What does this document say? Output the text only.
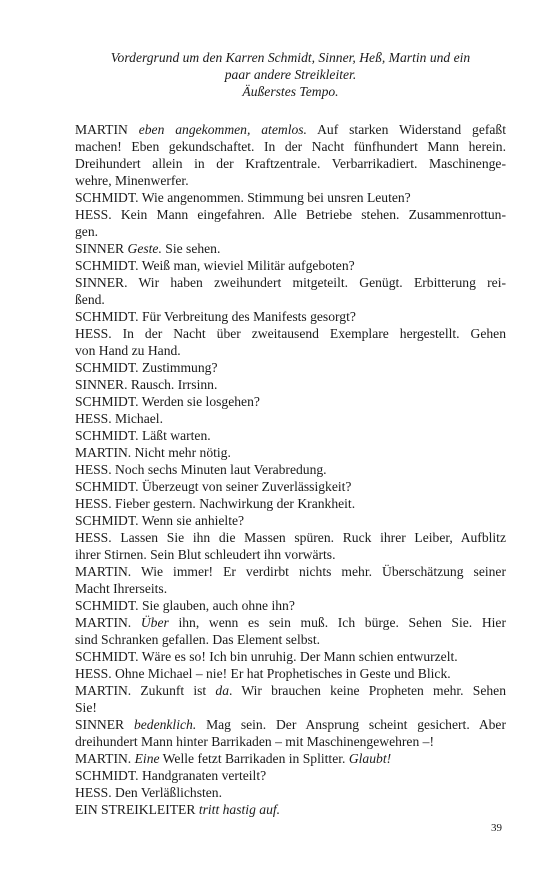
Vordergrund um den Karren Schmidt, Sinner, Heß, Martin und ein
paar andere Streikleiter.
Äußerstes Tempo.
MARTIN eben angekommen, atemlos. Auf starken Widerstand gefaßt
machen! Eben gekundschaftet. In der Nacht fünfhundert Mann herein.
Dreihundert allein in der Kraftzentrale. Verbarrikadiert. Maschinenge-
wehre, Minenwerfer.
SCHMIDT. Wie angenommen. Stimmung bei unsren Leuten?
HESS. Kein Mann eingefahren. Alle Betriebe stehen. Zusammenrottun-
gen.
SINNER Geste. Sie sehen.
SCHMIDT. Weiß man, wieviel Militär aufgeboten?
SINNER. Wir haben zweihundert mitgeteilt. Genügt. Erbitterung rei-
ßend.
SCHMIDT. Für Verbreitung des Manifests gesorgt?
HESS. In der Nacht über zweitausend Exemplare hergestellt. Gehen
von Hand zu Hand.
SCHMIDT. Zustimmung?
SINNER. Rausch. Irrsinn.
SCHMIDT. Werden sie losgehen?
HESS. Michael.
SCHMIDT. Läßt warten.
MARTIN. Nicht mehr nötig.
HESS. Noch sechs Minuten laut Verabredung.
SCHMIDT. Überzeugt von seiner Zuverlässigkeit?
HESS. Fieber gestern. Nachwirkung der Krankheit.
SCHMIDT. Wenn sie anhielte?
HESS. Lassen Sie ihn die Massen spüren. Ruck ihrer Leiber, Aufblitz
ihrer Stirnen. Sein Blut schleudert ihn vorwärts.
MARTIN. Wie immer! Er verdirbt nichts mehr. Überschätzung seiner
Macht Ihrerseits.
SCHMIDT. Sie glauben, auch ohne ihn?
MARTIN. Über ihn, wenn es sein muß. Ich bürge. Sehen Sie. Hier
sind Schranken gefallen. Das Element selbst.
SCHMIDT. Wäre es so! Ich bin unruhig. Der Mann schien entwurzelt.
HESS. Ohne Michael – nie! Er hat Prophetisches in Geste und Blick.
MARTIN. Zukunft ist da. Wir brauchen keine Propheten mehr. Sehen
Sie!
SINNER bedenklich. Mag sein. Der Ansprung scheint gesichert. Aber
dreihundert Mann hinter Barrikaden – mit Maschinengewehren –!
MARTIN. Eine Welle fetzt Barrikaden in Splitter. Glaubt!
SCHMIDT. Handgranaten verteilt?
HESS. Den Verläßlichsten.
EIN STREIKLEITER tritt hastig auf.
39
